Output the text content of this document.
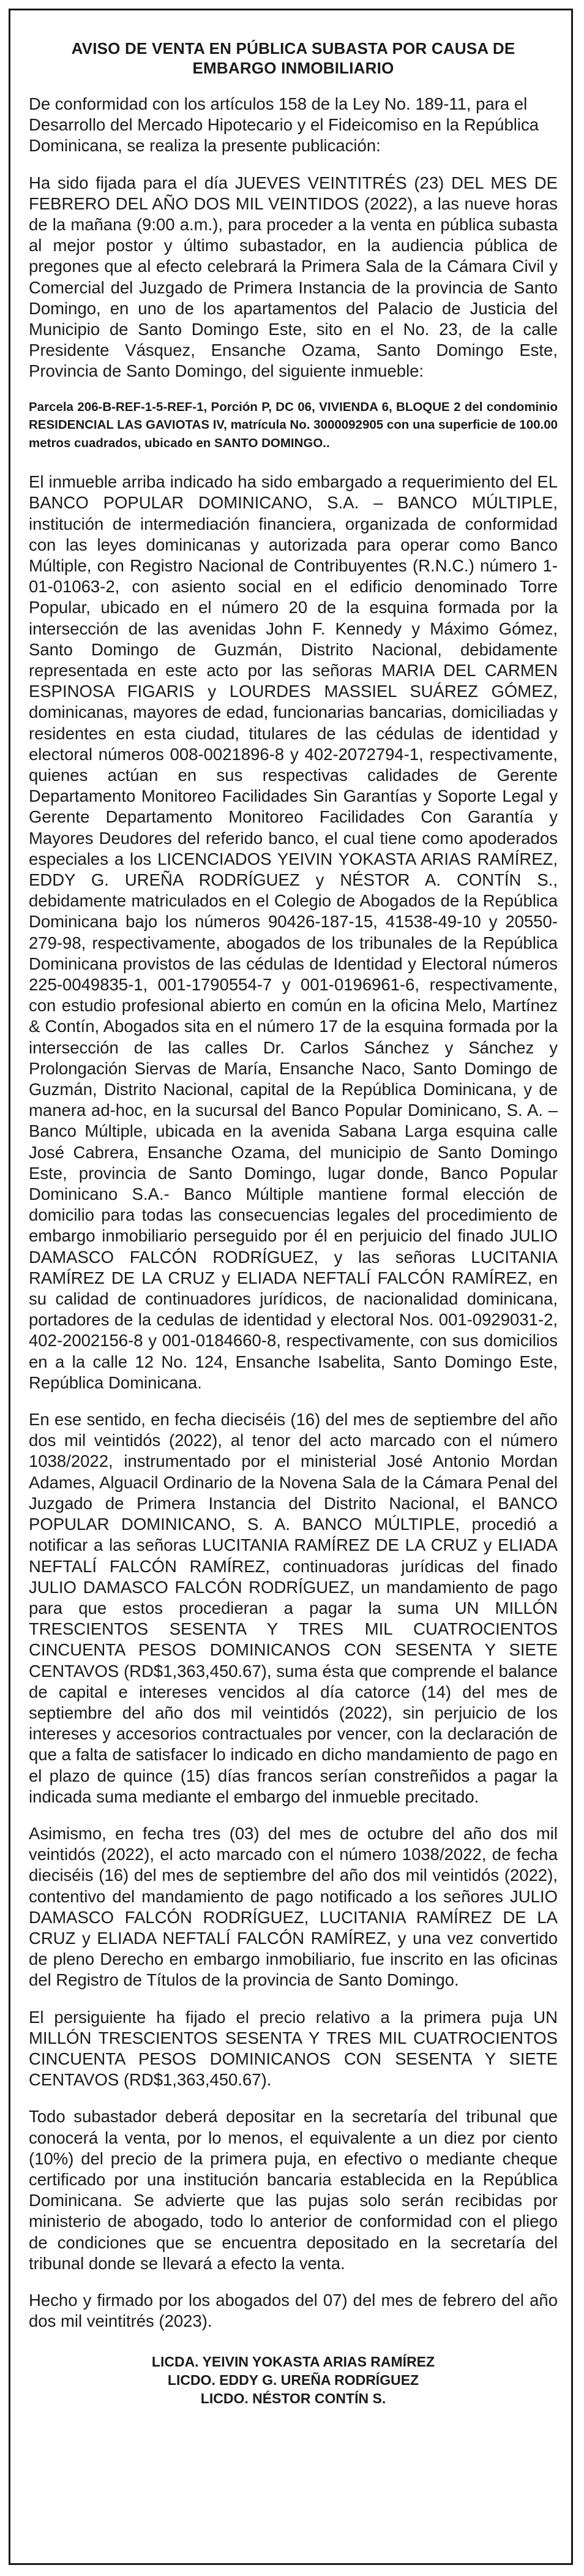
AVISO DE VENTA EN PÚBLICA SUBASTA POR CAUSA DE
EMBARGO INMOBILIARIO

De conformidad con los artículos 158 de la Ley No. 189-11, para el Desarrollo del Mercado Hipotecario y el Fideicomiso en la República Dominicana, se realiza la presente publicación:

Ha sido fijada para el día JUEVES VEINTITRÉS (23) DEL MES DE FEBRERO DEL AÑO DOS MIL VEINTIDOS (2022), a las nueve horas de la mañana (9:00 a.m.), para proceder a la venta en pública subasta al mejor postor y último subastador, en la audiencia pública de pregones que al efecto celebrará la Primera Sala de la Cámara Civil y Comercial del Juzgado de Primera Instancia de la provincia de Santo Domingo, en uno de los apartamentos del Palacio de Justicia del Municipio de Santo Domingo Este, sito en el No. 23, de la calle Presidente Vásquez, Ensanche Ozama, Santo Domingo Este, Provincia de Santo Domingo, del siguiente inmueble:

Parcela 206-B-REF-1-5-REF-1, Porción P, DC 06, VIVIENDA 6, BLOQUE 2 del condominio RESIDENCIAL LAS GAVIOTAS IV, matrícula No. 3000092905 con una superficie de 100.00 metros cuadrados, ubicado en SANTO DOMINGO..

El inmueble arriba indicado ha sido embargado a requerimiento del EL BANCO POPULAR DOMINICANO, S.A. – BANCO MÚLTIPLE, institución de intermediación financiera, organizada de conformidad con las leyes dominicanas y autorizada para operar como Banco Múltiple, con Registro Nacional de Contribuyentes (R.N.C.) número 1-01-01063-2, con asiento social en el edificio denominado Torre Popular, ubicado en el número 20 de la esquina formada por la intersección de las avenidas John F. Kennedy y Máximo Gómez, Santo Domingo de Guzmán, Distrito Nacional, debidamente representada en este acto por las señoras MARIA DEL CARMEN ESPINOSA FIGARIS y LOURDES MASSIEL SUÁREZ GÓMEZ, dominicanas, mayores de edad, funcionarias bancarias, domiciliadas y residentes en esta ciudad, titulares de las cédulas de identidad y electoral números 008-0021896-8 y 402-2072794-1, respectivamente, quienes actúan en sus respectivas calidades de Gerente Departamento Monitoreo Facilidades Sin Garantías y Soporte Legal y Gerente Departamento Monitoreo Facilidades Con Garantía y Mayores Deudores del referido banco, el cual tiene como apoderados especiales a los LICENCIADOS YEIVIN YOKASTA ARIAS RAMÍREZ, EDDY G. UREÑA RODRÍGUEZ y NÉSTOR A. CONTÍN S., debidamente matriculados en el Colegio de Abogados de la República Dominicana bajo los números 90426-187-15, 41538-49-10 y 20550-279-98, respectivamente, abogados de los tribunales de la República Dominicana provistos de las cédulas de Identidad y Electoral números 225-0049835-1, 001-1790554-7 y 001-0196961-6, respectivamente, con estudio profesional abierto en común en la oficina Melo, Martínez & Contín, Abogados sita en el número 17 de la esquina formada por la intersección de las calles Dr. Carlos Sánchez y Sánchez y Prolongación Siervas de María, Ensanche Naco, Santo Domingo de Guzmán, Distrito Nacional, capital de la República Dominicana, y de manera ad-hoc, en la sucursal del Banco Popular Dominicano, S. A. – Banco Múltiple, ubicada en la avenida Sabana Larga esquina calle José Cabrera, Ensanche Ozama, del municipio de Santo Domingo Este, provincia de Santo Domingo, lugar donde, Banco Popular Dominicano S.A.- Banco Múltiple mantiene formal elección de domicilio para todas las consecuencias legales del procedimiento de embargo inmobiliario perseguido por él en perjuicio del finado JULIO DAMASCO FALCÓN RODRÍGUEZ, y las señoras LUCITANIA RAMÍREZ DE LA CRUZ y ELIADA NEFTALÍ FALCÓN RAMÍREZ, en su calidad de continuadores jurídicos, de nacionalidad dominicana, portadores de la cedulas de identidad y electoral Nos. 001-0929031-2, 402-2002156-8 y 001-0184660-8, respectivamente, con sus domicilios en a la calle 12 No. 124, Ensanche Isabelita, Santo Domingo Este, República Dominicana.

En ese sentido, en fecha dieciséis (16) del mes de septiembre del año dos mil veintidós (2022), al tenor del acto marcado con el número 1038/2022, instrumentado por el ministerial José Antonio Mordan Adames, Alguacil Ordinario de la Novena Sala de la Cámara Penal del Juzgado de Primera Instancia del Distrito Nacional, el BANCO POPULAR DOMINICANO, S. A. BANCO MÚLTIPLE, procedió a notificar a las señoras LUCITANIA RAMÍREZ DE LA CRUZ y ELIADA NEFTALÍ FALCÓN RAMÍREZ, continuadoras jurídicas del finado JULIO DAMASCO FALCÓN RODRÍGUEZ, un mandamiento de pago para que estos procedieran a pagar la suma UN MILLÓN TRESCIENTOS SESENTA Y TRES MIL CUATROCIENTOS CINCUENTA PESOS DOMINICANOS CON SESENTA Y SIETE CENTAVOS (RD$1,363,450.67), suma ésta que comprende el balance de capital e intereses vencidos al día catorce (14) del mes de septiembre del año dos mil veintidós (2022), sin perjuicio de los intereses y accesorios contractuales por vencer, con la declaración de que a falta de satisfacer lo indicado en dicho mandamiento de pago en el plazo de quince (15) días francos serían constreñidos a pagar la indicada suma mediante el embargo del inmueble precitado.

Asimismo, en fecha tres (03) del mes de octubre del año dos mil veintidós (2022), el acto marcado con el número 1038/2022, de fecha dieciséis (16) del mes de septiembre del año dos mil veintidós (2022), contentivo del mandamiento de pago notificado a los señores JULIO DAMASCO FALCÓN RODRÍGUEZ, LUCITANIA RAMÍREZ DE LA CRUZ y ELIADA NEFTALÍ FALCÓN RAMÍREZ, y una vez convertido de pleno Derecho en embargo inmobiliario, fue inscrito en las oficinas del Registro de Títulos de la provincia de Santo Domingo.

El persiguiente ha fijado el precio relativo a la primera puja UN MILLÓN TRESCIENTOS SESENTA Y TRES MIL CUATROCIENTOS CINCUENTA PESOS DOMINICANOS CON SESENTA Y SIETE CENTAVOS (RD$1,363,450.67).

Todo subastador deberá depositar en la secretaría del tribunal que conocerá la venta, por lo menos, el equivalente a un diez por ciento (10%) del precio de la primera puja, en efectivo o mediante cheque certificado por una institución bancaria establecida en la República Dominicana. Se advierte que las pujas solo serán recibidas por ministerio de abogado, todo lo anterior de conformidad con el pliego de condiciones que se encuentra depositado en la secretaría del tribunal donde se llevará a efecto la venta.

Hecho y firmado por los abogados del 07) del mes de febrero del año dos mil veintitrés (2023).

LICDA. YEIVIN YOKASTA ARIAS RAMÍREZ
LICDO. EDDY G. UREÑA RODRÍGUEZ
LICDO. NÉSTOR CONTÍN S.
